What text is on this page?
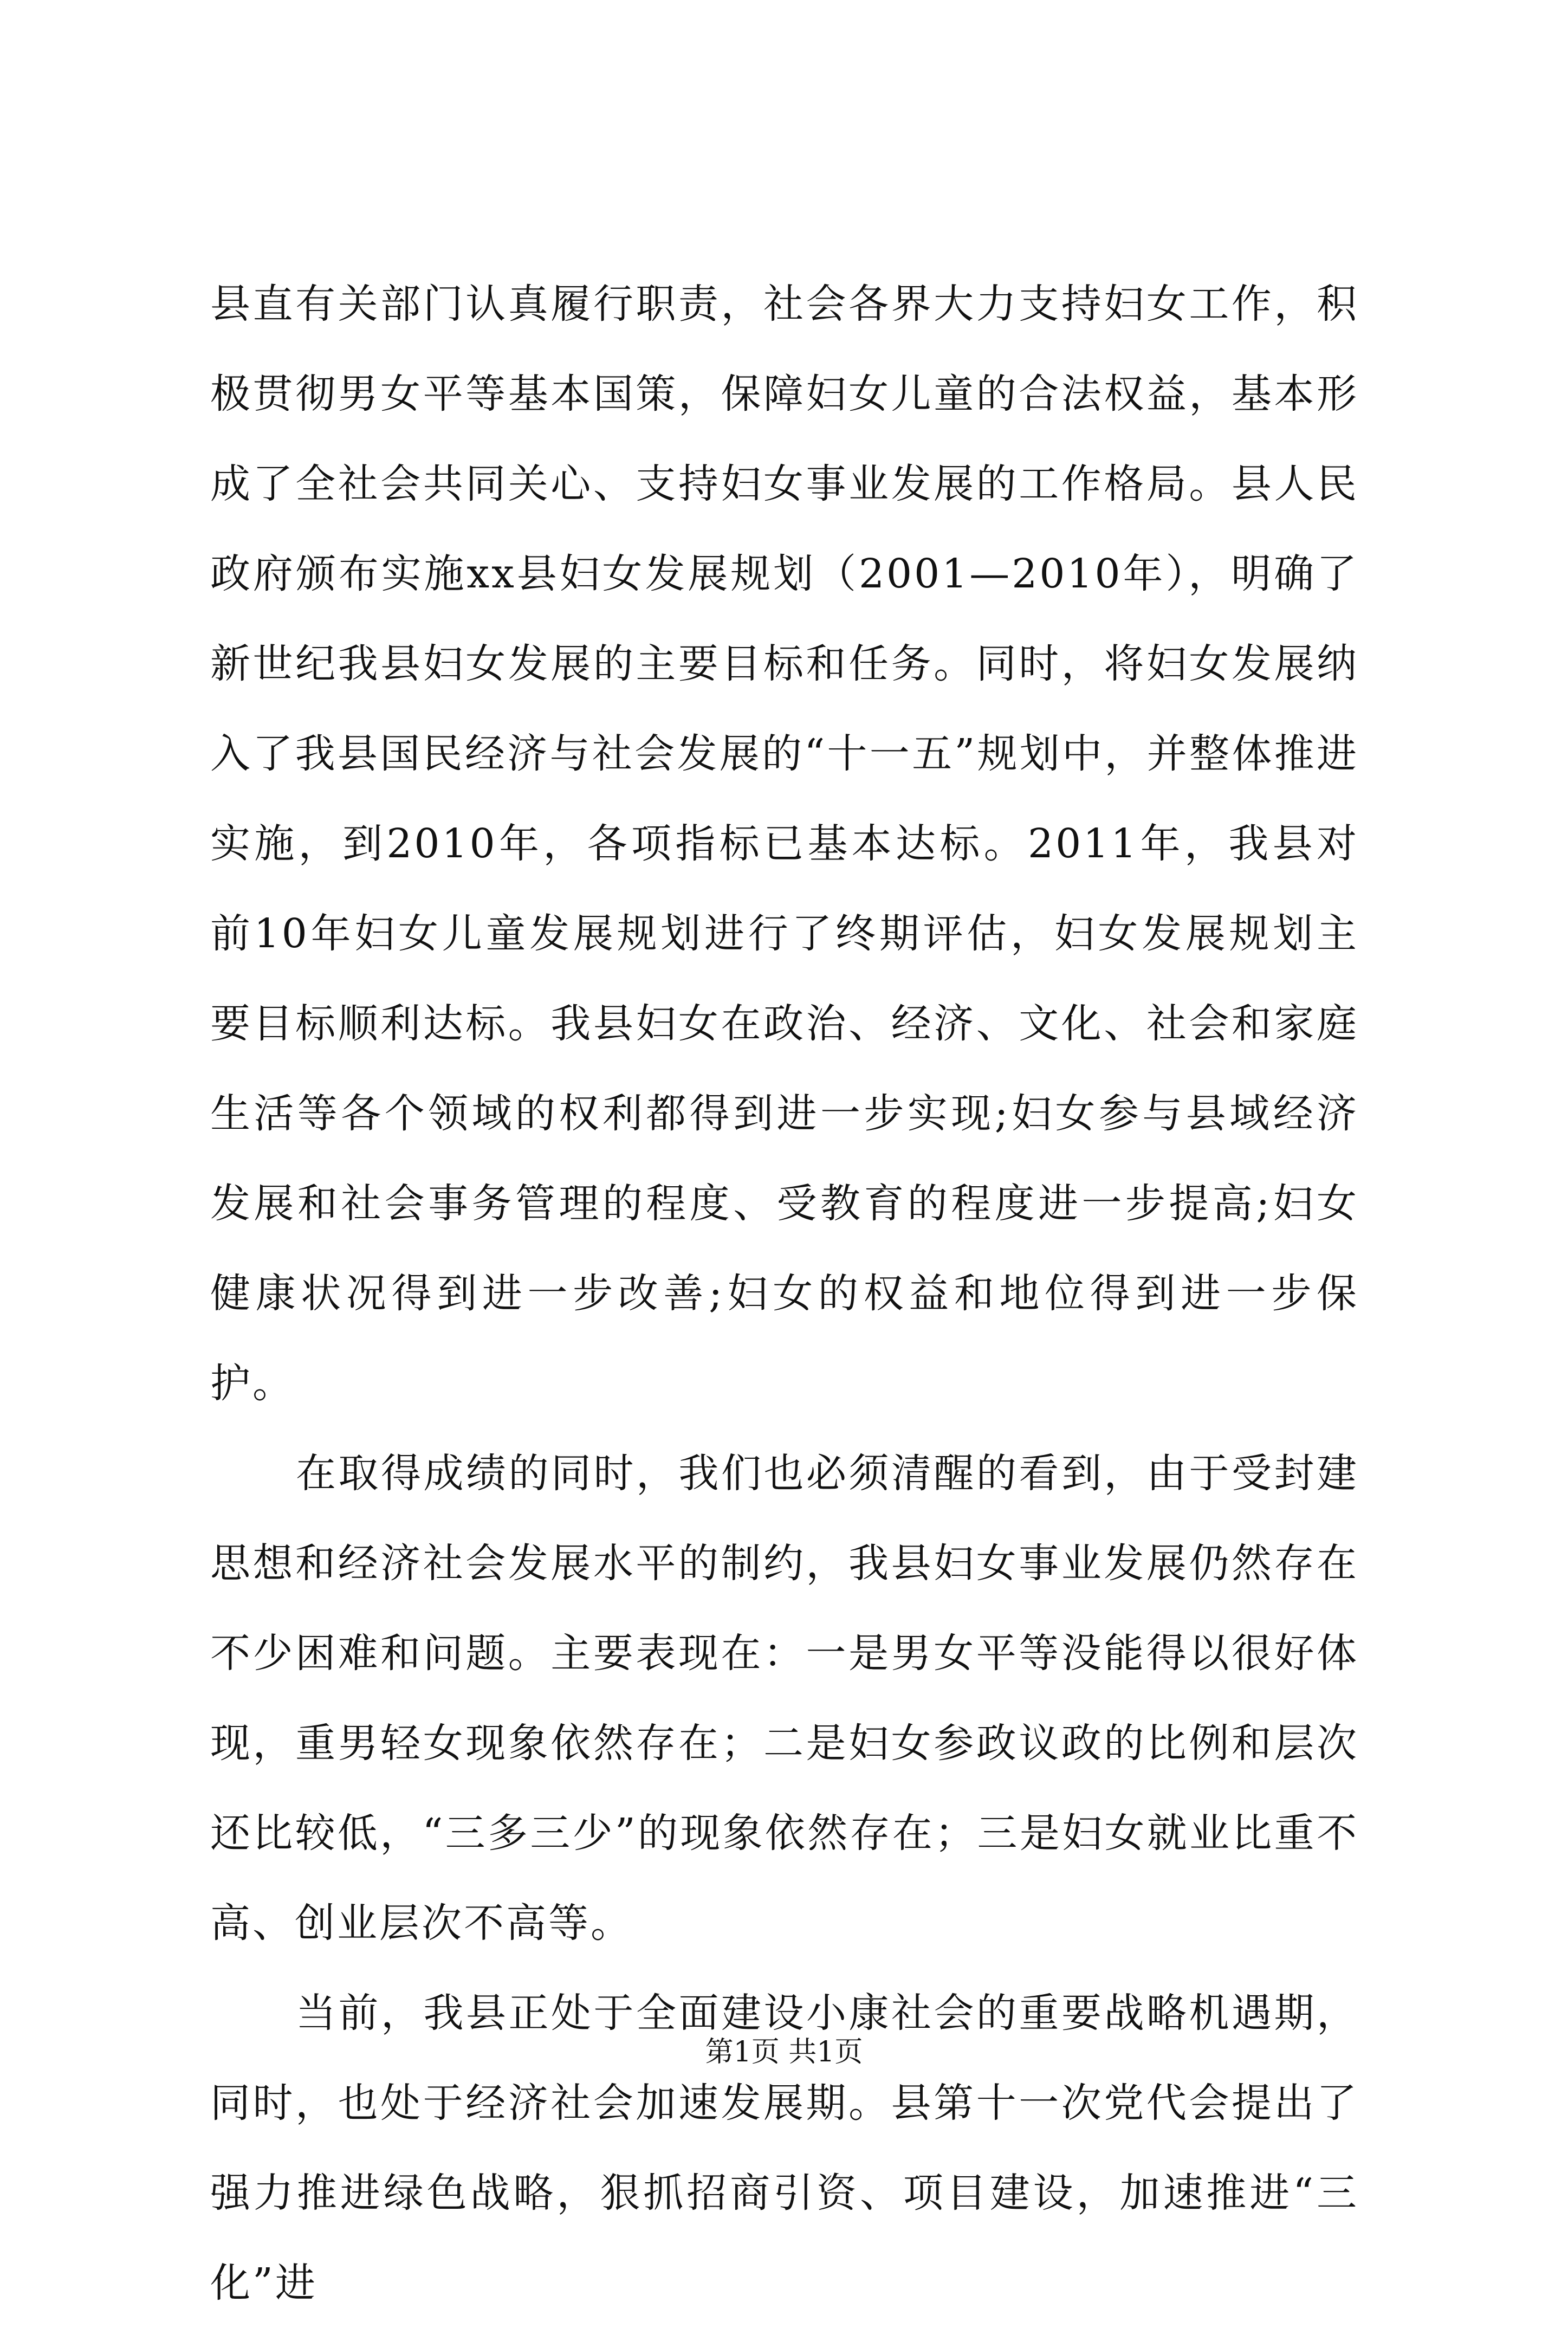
县直有关部门认真履行职责，社会各界大力支持妇女工作，积极贯彻男女平等基本国策，保障妇女儿童的合法权益，基本形成了全社会共同关心、支持妇女事业发展的工作格局。县人民政府颁布实施xx县妇女发展规划（2001—2010年），明确了新世纪我县妇女发展的主要目标和任务。同时，将妇女发展纳入了我县国民经济与社会发展的“十一五”规划中，并整体推进实施，到2010年，各项指标已基本达标。2011年，我县对前10年妇女儿童发展规划进行了终期评估，妇女发展规划主要目标顺利达标。我县妇女在政治、经济、文化、社会和家庭生活等各个领域的权利都得到进一步实现;妇女参与县域经济发展和社会事务管理的程度、受教育的程度进一步提高;妇女健康状况得到进一步改善;妇女的权益和地位得到进一步保护。

在取得成绩的同时，我们也必须清醒的看到，由于受封建思想和经济社会发展水平的制约，我县妇女事业发展仍然存在不少困难和问题。主要表现在：一是男女平等没能得以很好体现，重男轻女现象依然存在；二是妇女参政议政的比例和层次还比较低，“三多三少”的现象依然存在；三是妇女就业比重不高、创业层次不高等。

当前，我县正处于全面建设小康社会的重要战略机遇期，同时，也处于经济社会加速发展期。县第十一次党代会提出了强力推进绿色战略，狠抓招商引资、项目建设，加速推进“三化”进

第1页 共1页
